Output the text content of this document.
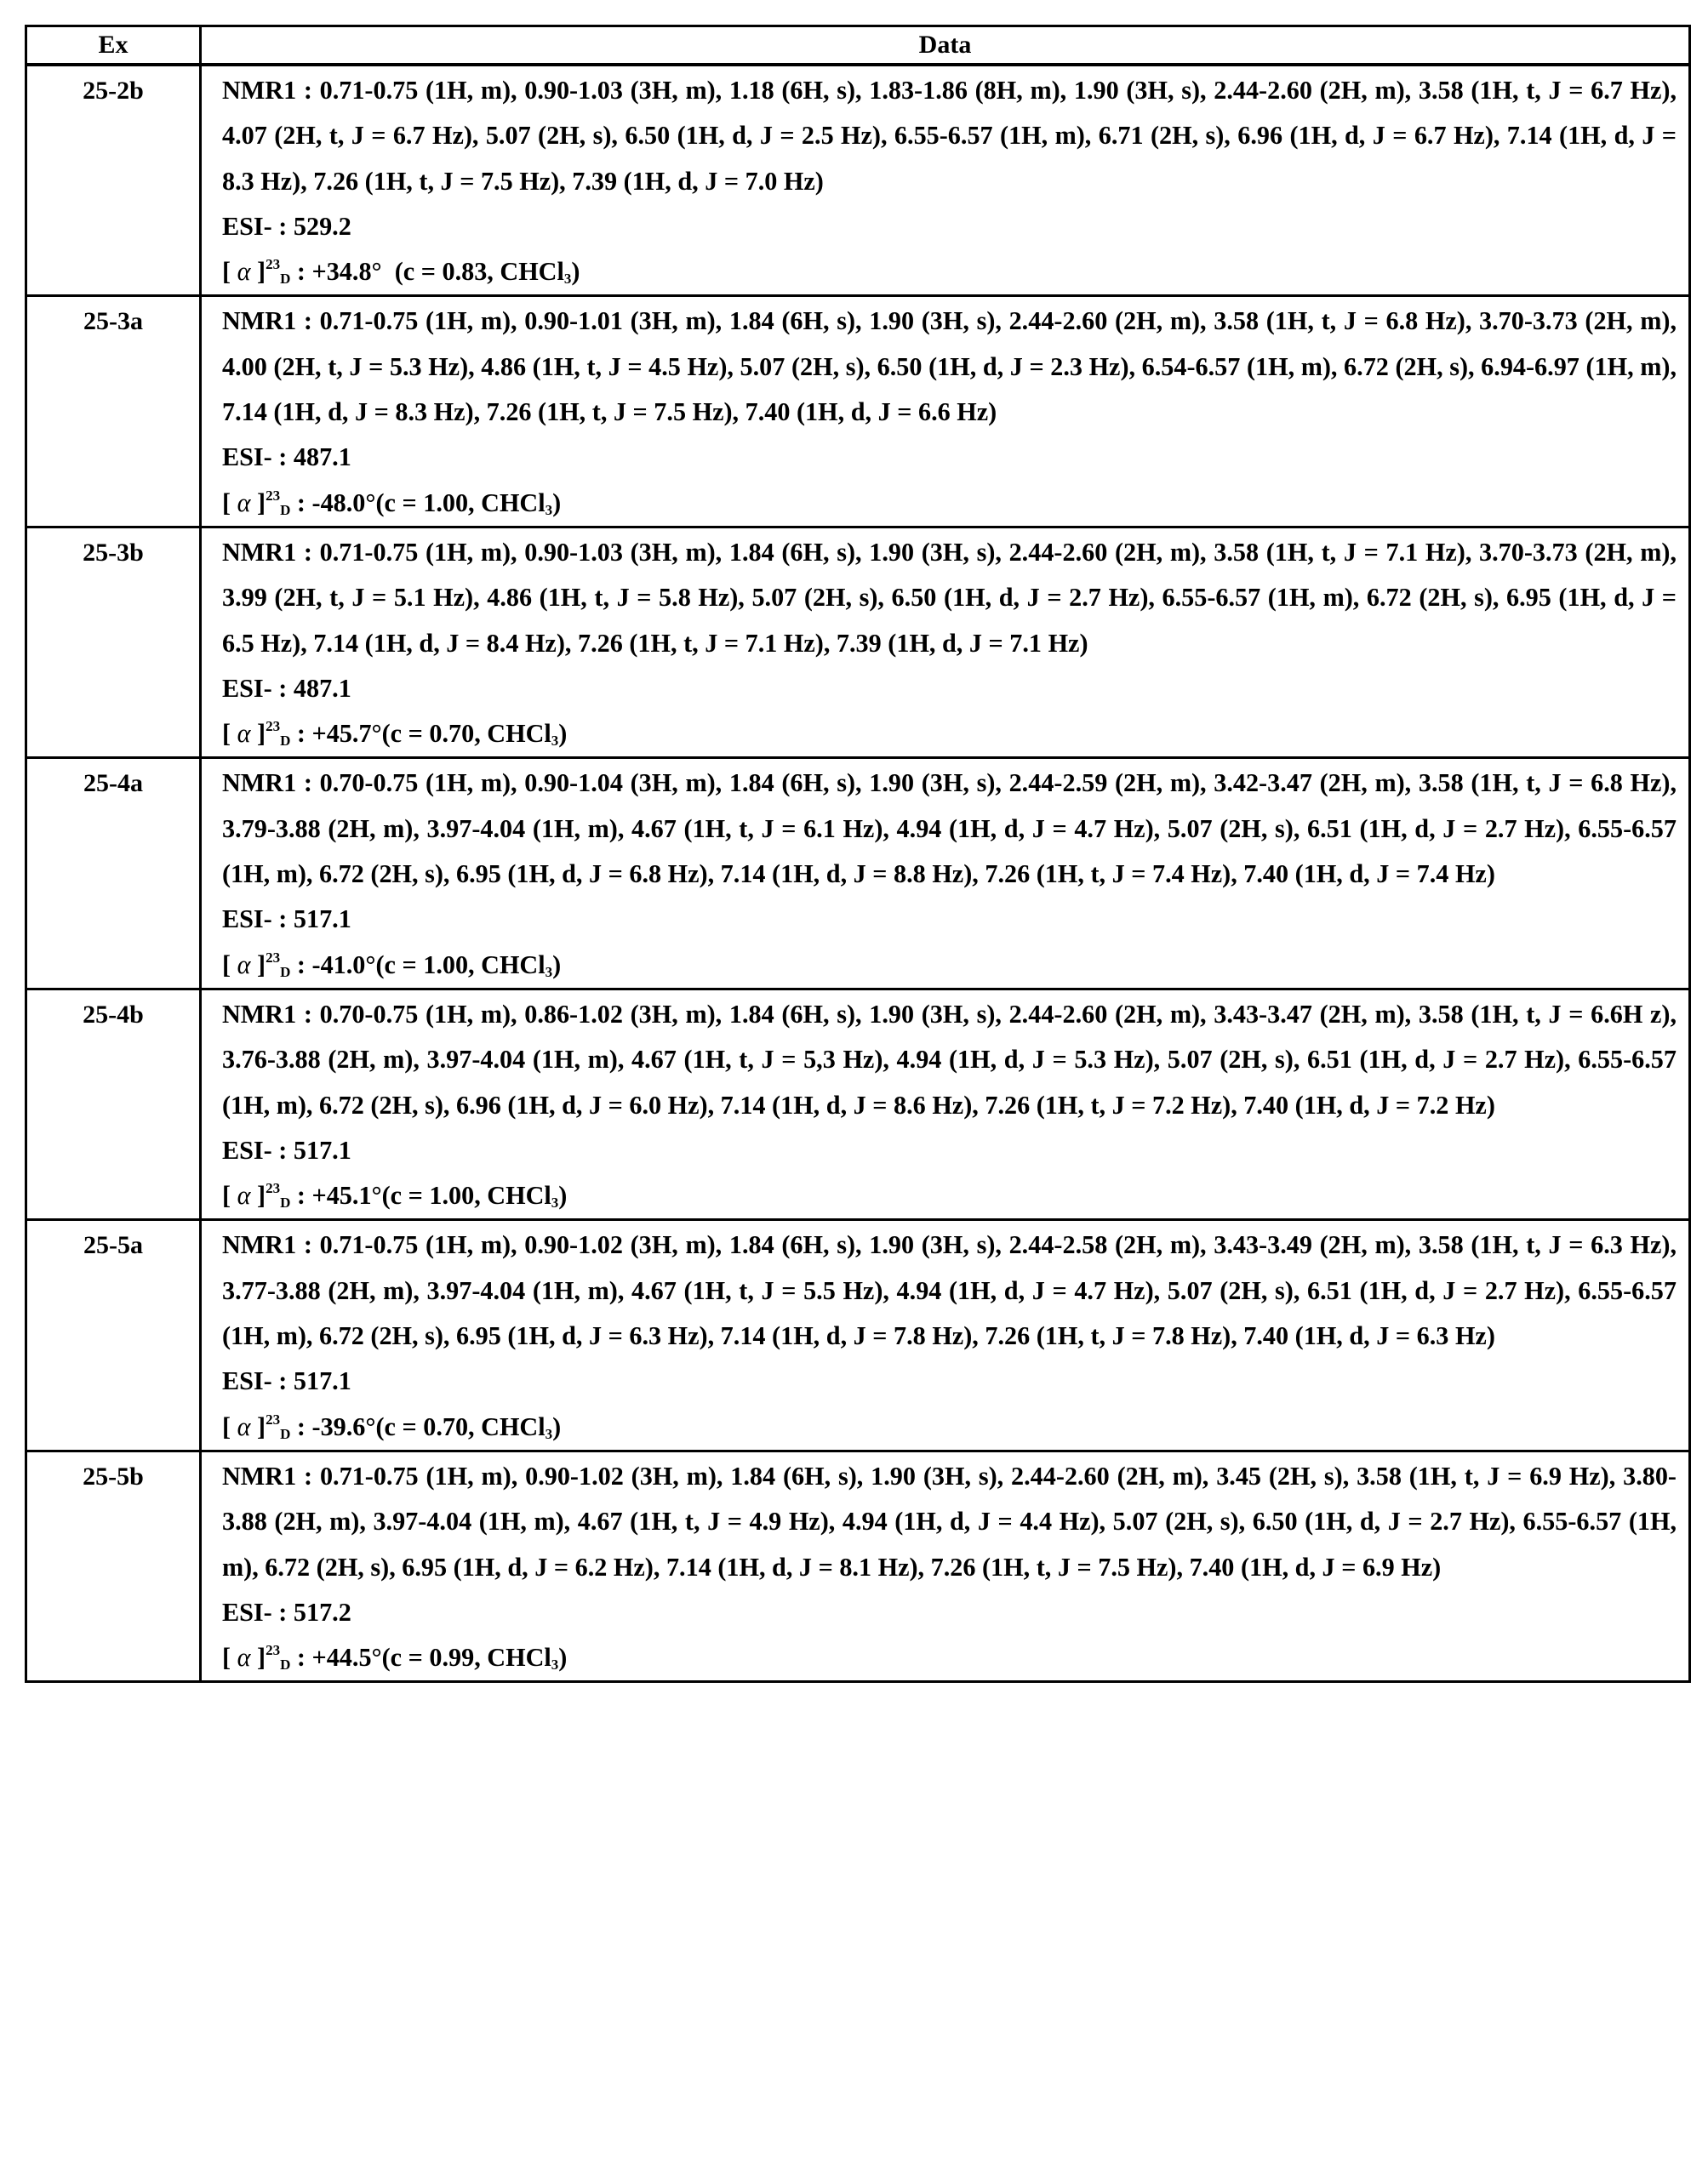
Ex	Data
25-2b	NMR1 : 0.71-0.75 (1H, m), 0.90-1.03 (3H, m), 1.18 (6H, s), 1.83-1.86 (8H, m), 1.90 (3H, s), 2.44-2.60 (2H, m), 3.58 (1H, t, J = 6.7 Hz), 4.07 (2H, t, J = 6.7 Hz), 5.07 (2H, s), 6.50 (1H, d, J = 2.5 Hz), 6.55-6.57 (1H, m), 6.71 (2H, s), 6.96 (1H, d, J = 6.7 Hz), 7.14 (1H, d, J = 8.3 Hz), 7.26 (1H, t, J = 7.5 Hz), 7.39 (1H, d, J = 7.0 Hz)
ESI- : 529.2
[ α ]23D : +34.8°  (c = 0.83, CHCl3)

25-3a	NMR1 : 0.71-0.75 (1H, m), 0.90-1.01 (3H, m), 1.84 (6H, s), 1.90 (3H, s), 2.44-2.60 (2H, m), 3.58 (1H, t, J = 6.8 Hz), 3.70-3.73 (2H, m), 4.00 (2H, t, J = 5.3 Hz), 4.86 (1H, t, J = 4.5 Hz), 5.07 (2H, s), 6.50 (1H, d, J = 2.3 Hz), 6.54-6.57 (1H, m), 6.72 (2H, s), 6.94-6.97 (1H, m), 7.14 (1H, d, J = 8.3 Hz), 7.26 (1H, t, J = 7.5 Hz), 7.40 (1H, d, J = 6.6 Hz)
ESI- : 487.1
[ α ]23D : -48.0°(c = 1.00, CHCl3)

25-3b	NMR1 : 0.71-0.75 (1H, m), 0.90-1.03 (3H, m), 1.84 (6H, s), 1.90 (3H, s), 2.44-2.60 (2H, m), 3.58 (1H, t, J = 7.1 Hz), 3.70-3.73 (2H, m), 3.99 (2H, t, J = 5.1 Hz), 4.86 (1H, t, J = 5.8 Hz), 5.07 (2H, s), 6.50 (1H, d, J = 2.7 Hz), 6.55-6.57 (1H, m), 6.72 (2H, s), 6.95 (1H, d, J = 6.5 Hz), 7.14 (1H, d, J = 8.4 Hz), 7.26 (1H, t, J = 7.1 Hz), 7.39 (1H, d, J = 7.1 Hz)
ESI- : 487.1
[ α ]23D : +45.7°(c = 0.70, CHCl3)

25-4a	NMR1 : 0.70-0.75 (1H, m), 0.90-1.04 (3H, m), 1.84 (6H, s), 1.90 (3H, s), 2.44-2.59 (2H, m), 3.42-3.47 (2H, m), 3.58 (1H, t, J = 6.8 Hz), 3.79-3.88 (2H, m), 3.97-4.04 (1H, m), 4.67 (1H, t, J = 6.1 Hz), 4.94 (1H, d, J = 4.7 Hz), 5.07 (2H, s), 6.51 (1H, d, J = 2.7 Hz), 6.55-6.57 (1H, m), 6.72 (2H, s), 6.95 (1H, d, J = 6.8 Hz), 7.14 (1H, d, J = 8.8 Hz), 7.26 (1H, t, J = 7.4 Hz), 7.40 (1H, d, J = 7.4 Hz)
ESI- : 517.1
[ α ]23D : -41.0°(c = 1.00, CHCl3)

25-4b	NMR1 : 0.70-0.75 (1H, m), 0.86-1.02 (3H, m), 1.84 (6H, s), 1.90 (3H, s), 2.44-2.60 (2H, m), 3.43-3.47 (2H, m), 3.58 (1H, t, J = 6.6H z), 3.76-3.88 (2H, m), 3.97-4.04 (1H, m), 4.67 (1H, t, J = 5,3 Hz), 4.94 (1H, d, J = 5.3 Hz), 5.07 (2H, s), 6.51 (1H, d, J = 2.7 Hz), 6.55-6.57 (1H, m), 6.72 (2H, s), 6.96 (1H, d, J = 6.0 Hz), 7.14 (1H, d, J = 8.6 Hz), 7.26 (1H, t, J = 7.2 Hz), 7.40 (1H, d, J = 7.2 Hz)
ESI- : 517.1
[ α ]23D : +45.1°(c = 1.00, CHCl3)

25-5a	NMR1 : 0.71-0.75 (1H, m), 0.90-1.02 (3H, m), 1.84 (6H, s), 1.90 (3H, s), 2.44-2.58 (2H, m), 3.43-3.49 (2H, m), 3.58 (1H, t, J = 6.3 Hz), 3.77-3.88 (2H, m), 3.97-4.04 (1H, m), 4.67 (1H, t, J = 5.5 Hz), 4.94 (1H, d, J = 4.7 Hz), 5.07 (2H, s), 6.51 (1H, d, J = 2.7 Hz), 6.55-6.57 (1H, m), 6.72 (2H, s), 6.95 (1H, d, J = 6.3 Hz), 7.14 (1H, d, J = 7.8 Hz), 7.26 (1H, t, J = 7.8 Hz), 7.40 (1H, d, J = 6.3 Hz)
ESI- : 517.1
[ α ]23D : -39.6°(c = 0.70, CHCl3)

25-5b	NMR1 : 0.71-0.75 (1H, m), 0.90-1.02 (3H, m), 1.84 (6H, s), 1.90 (3H, s), 2.44-2.60 (2H, m), 3.45 (2H, s), 3.58 (1H, t, J = 6.9 Hz), 3.80-3.88 (2H, m), 3.97-4.04 (1H, m), 4.67 (1H, t, J = 4.9 Hz), 4.94 (1H, d, J = 4.4 Hz), 5.07 (2H, s), 6.50 (1H, d, J = 2.7 Hz), 6.55-6.57 (1H, m), 6.72 (2H, s), 6.95 (1H, d, J = 6.2 Hz), 7.14 (1H, d, J = 8.1 Hz), 7.26 (1H, t, J = 7.5 Hz), 7.40 (1H, d, J = 6.9 Hz)
ESI- : 517.2
[ α ]23D : +44.5°(c = 0.99, CHCl3)
